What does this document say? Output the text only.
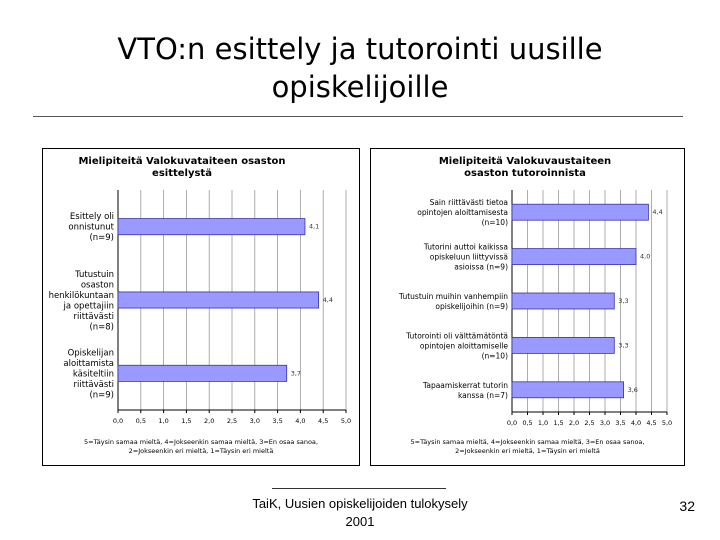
VTO:n esittely ja tutorointi uusille opiskelijoille
Mielipiteitä Valokuvataiteen osaston esittelystä
0,0 0,5 1,0 1,5 2,0 2,5 3,0 3,5 4,0 4,5 5,0
4,1
Esittely oli onnistunut (n=9)
4,4
Tutustuin osaston henkilökuntaan ja opettajiin riittävästi (n=8)
3,7
Opiskelijan aloittamista käsiteltiin riittävästi (n=9)
5=Täysin samaa mieltä, 4=Jokseenkin samaa mieltä, 3=En osaa sanoa, 2=Jokseenkin eri mieltä, 1=Täysin eri mieltä
Mielipiteitä Valokuvaustaiteen osaston tutoroinnista
0,0 0,5 1,0 1,5 2,0 2,5 3,0 3,5 4,0 4,5 5,0
4,4
Sain riittävästi tietoa opintojen aloittamisesta (n=10)
4,0
Tutorini auttoi kaikissa opiskeluun liittyvissä asioissa (n=9)
3,3
Tutustuin muihin vanhempiin opiskelijoihin (n=9)
3,3
Tutorointi oli välttämätöntä opintojen aloittamiselle (n=10)
3,6
Tapaamiskerrat tutorin kanssa (n=7)
5=Täysin samaa mieltä, 4=Jokseenkin samaa mieltä, 3=En osaa sanoa, 2=Jokseenkin eri mieltä, 1=Täysin eri mieltä
TaiK, Uusien opiskelijoiden tulokysely 2001
32
